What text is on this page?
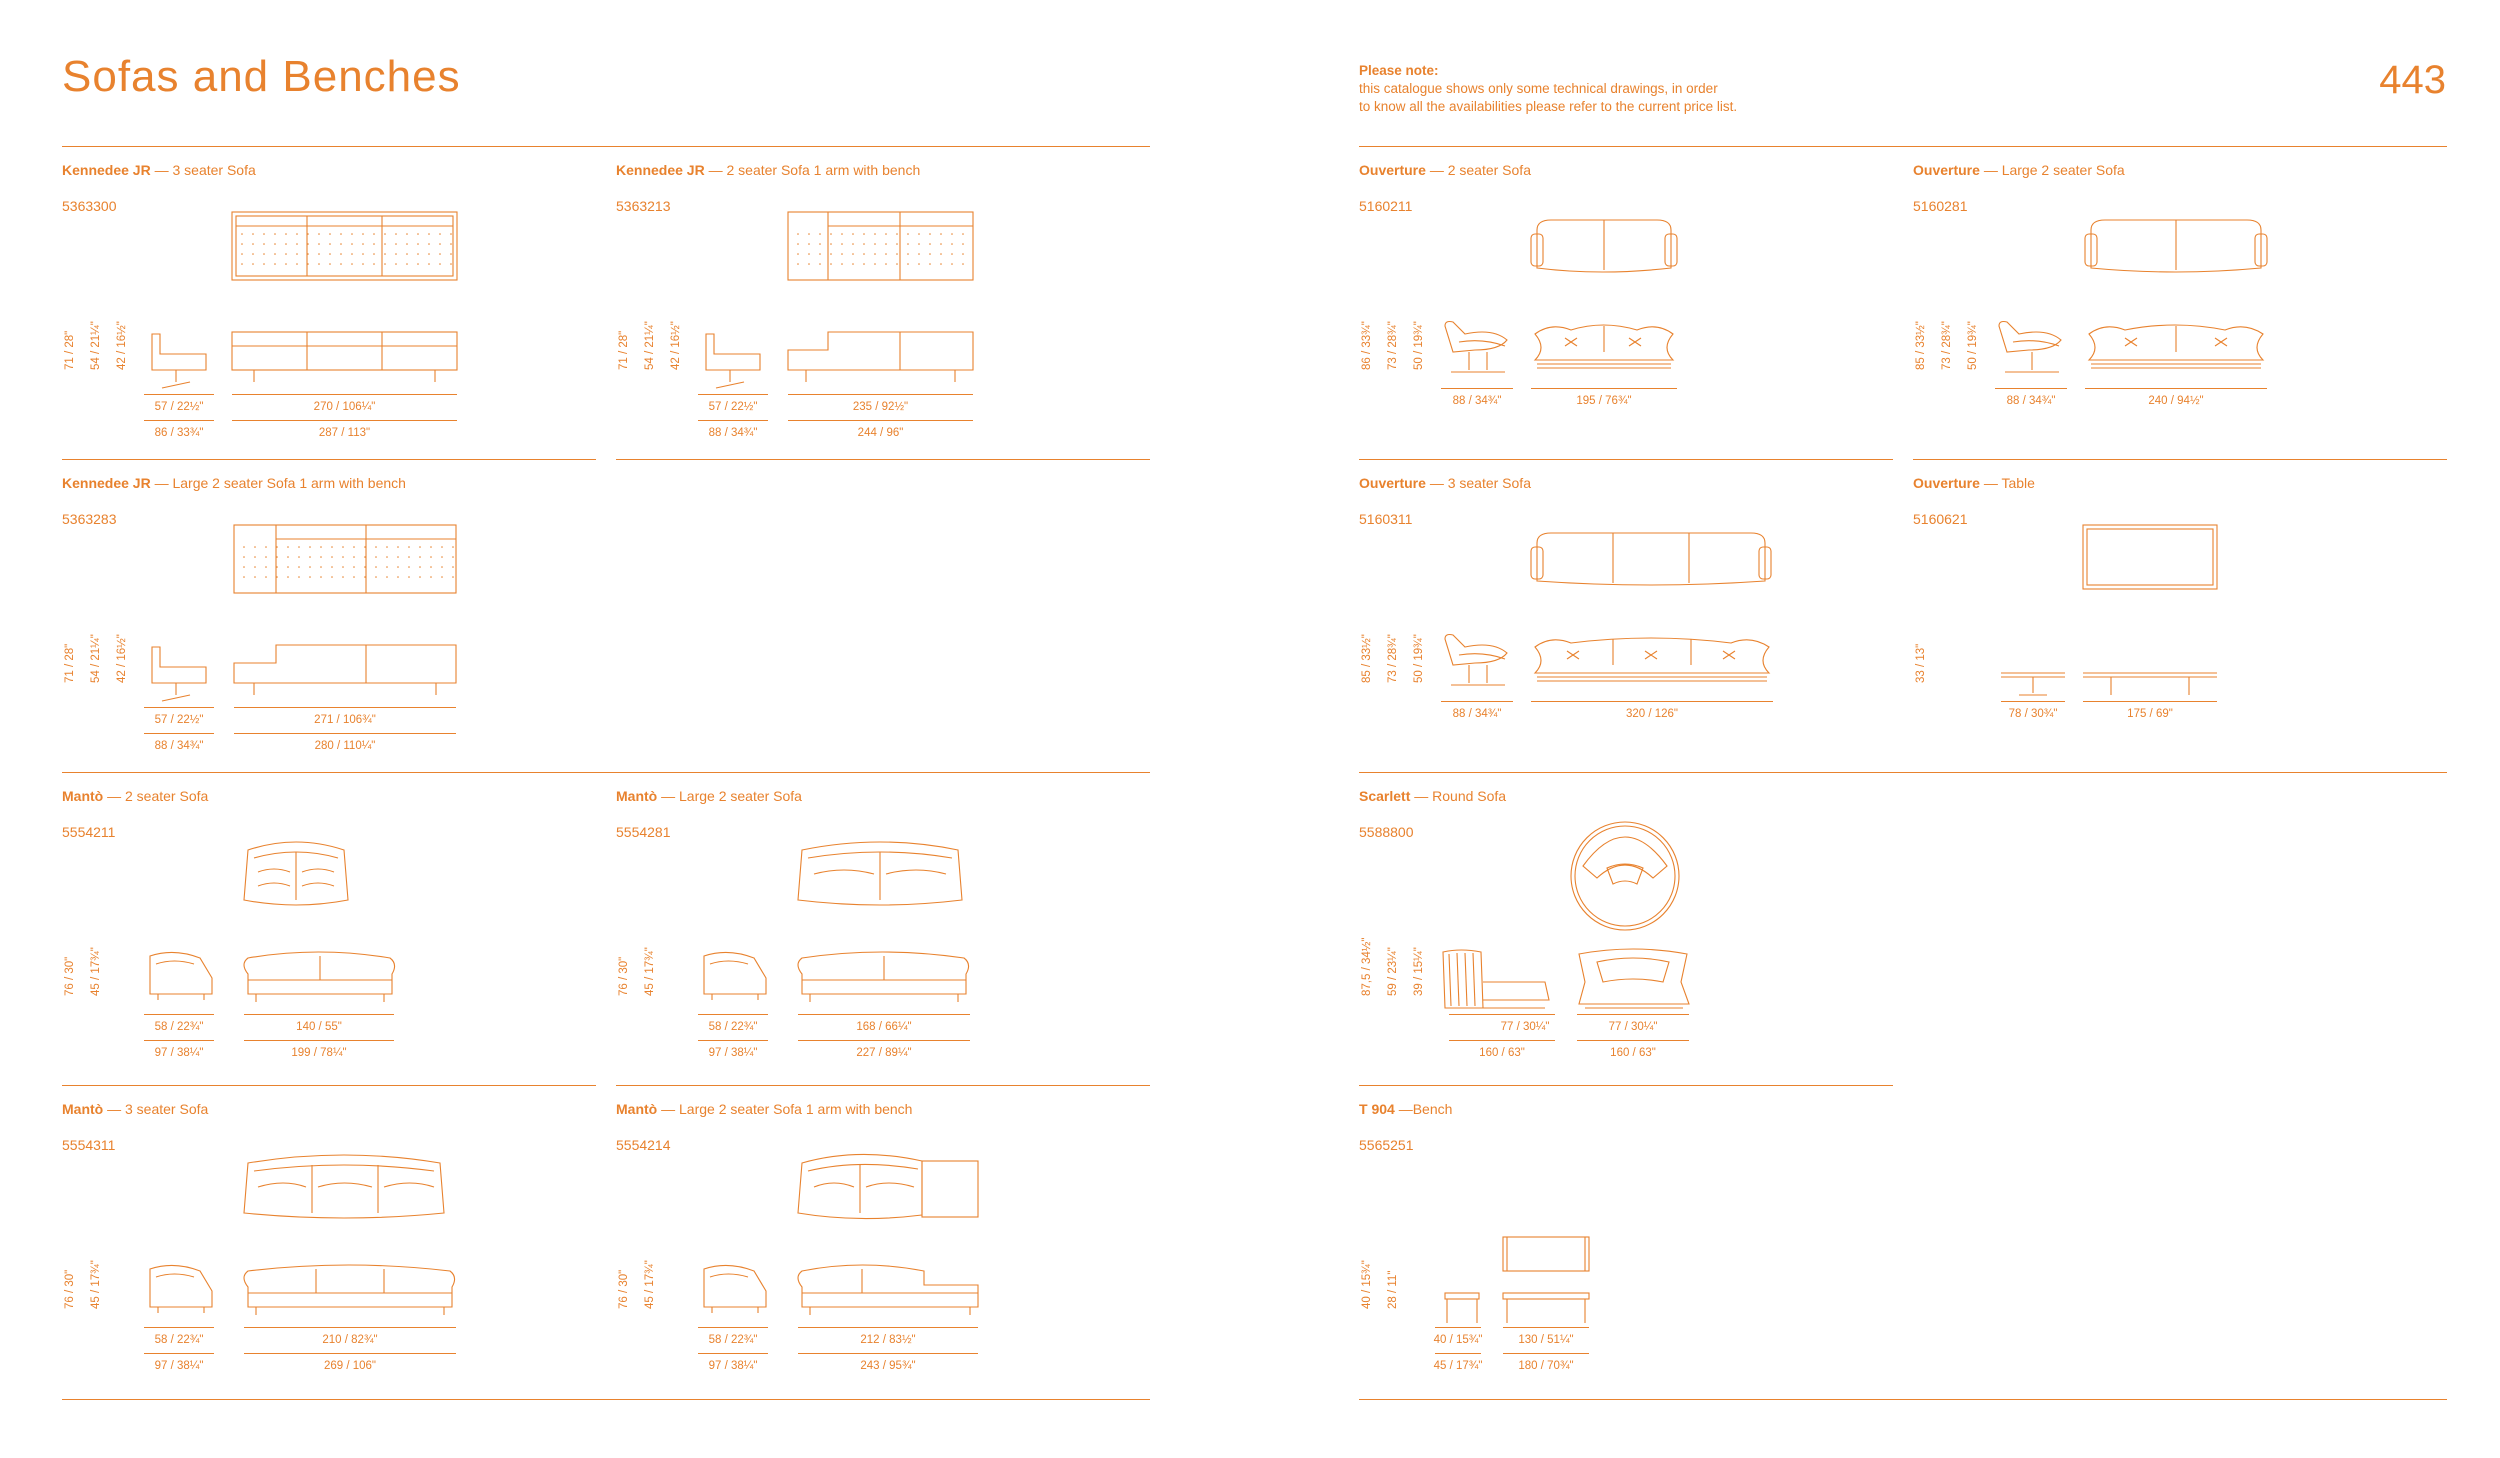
Sofas and Benches	Please note:
this catalogue shows only some technical drawings, in order
to know all the availabilities please refer to the current price list.
443
Kennedee JR — 3 seater Sofa
5363300
71 / 28" 54 / 21¼" 42 / 16½"
57 / 22½"
86 / 33¾"
270 / 106¼"
287 / 113"
Kennedee JR — 2 seater Sofa 1 arm with bench
5363213
71 / 28" 54 / 21¼" 42 / 16½"
57 / 22½"
88 / 34¾"
235 / 92½"
244 / 96"
Kennedee JR — Large 2 seater Sofa 1 arm with bench
5363283
71 / 28" 54 / 21¼" 42 / 16½"
57 / 22½"
88 / 34¾"
271 / 106¾"
280 / 110¼"
Mantò — 2 seater Sofa
5554211
76 / 30" 45 / 17¾"
58 / 22¾"
97 / 38¼"
140 / 55"
199 / 78¼"
Mantò — Large 2 seater Sofa
5554281
76 / 30" 45 / 17¾"
58 / 22¾"
97 / 38¼"
168 / 66¼"
227 / 89¼"
Mantò — 3 seater Sofa
5554311
76 / 30" 45 / 17¾"
58 / 22¾"
97 / 38¼"
210 / 82¾"
269 / 106"
Mantò — Large 2 seater Sofa 1 arm with bench
5554214
76 / 30" 45 / 17¾"
58 / 22¾"
97 / 38¼"
212 / 83½"
243 / 95¾"
Ouverture — 2 seater Sofa
5160211
86 / 33¾" 73 / 28¾" 50 / 19¾"
88 / 34¾"	195 / 76¾"
Ouverture — Large 2 seater Sofa
5160281
85 / 33½" 73 / 28¾" 50 / 19¾"
88 / 34¾"	240 / 94½"
Ouverture — 3 seater Sofa
5160311
85 / 33½" 73 / 28¾" 50 / 19¾"
88 / 34¾"	320 / 126"
Ouverture — Table
5160621
33 / 13"
78 / 30¾"	175 / 69"
Scarlett — Round Sofa
5588800
87,5 / 34½" 59 / 23¼" 39 / 15¼"
77 / 30¼"
160 / 63"
77 / 30¼"
160 / 63"
T 904 —Bench
5565251
40 / 15¾" 28 / 11"
40 / 15¾"
45 / 17¾"
130 / 51¼"
180 / 70¾"
